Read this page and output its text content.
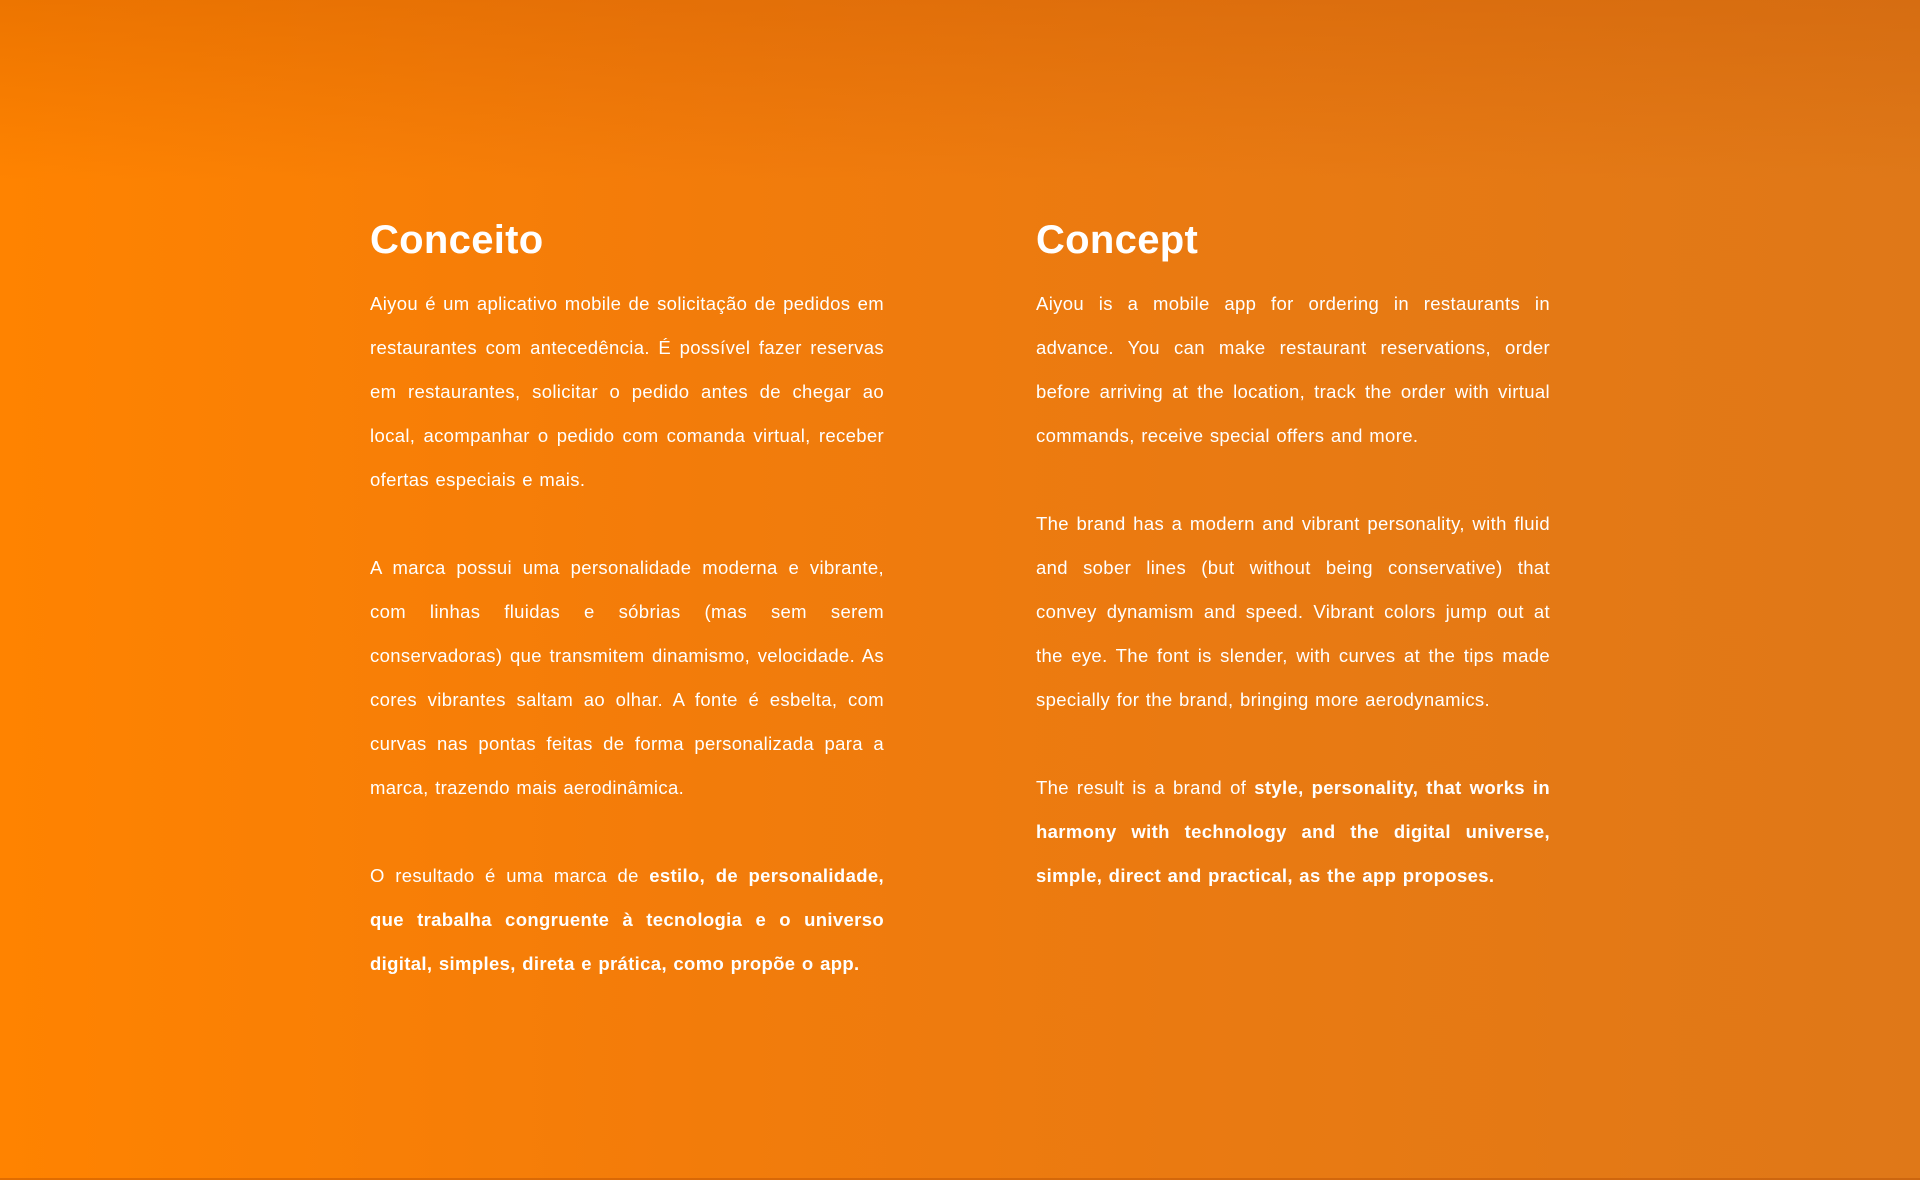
Conceito

Aiyou é um aplicativo mobile de solicitação de pedidos em restaurantes com antecedência. É possível fazer reservas em restaurantes, solicitar o pedido antes de chegar ao local, acompanhar o pedido com comanda virtual, receber ofertas especiais e mais.

A marca possui uma personalidade moderna e vibrante, com linhas fluidas e sóbrias (mas sem serem conservadoras) que transmitem dinamismo, velocidade. As cores vibrantes saltam ao olhar. A fonte é esbelta, com curvas nas pontas feitas de forma personalizada para a marca, trazendo mais aerodinâmica.

O resultado é uma marca de estilo, de personalidade, que trabalha congruente à tecnologia e o universo digital, simples, direta e prática, como propõe o app.

Concept

Aiyou is a mobile app for ordering in restaurants in advance. You can make restaurant reservations, order before arriving at the location, track the order with virtual commands, receive special offers and more.

The brand has a modern and vibrant personality, with fluid and sober lines (but without being conservative) that convey dynamism and speed. Vibrant colors jump out at the eye. The font is slender, with curves at the tips made specially for the brand, bringing more aerodynamics.

The result is a brand of style, personality, that works in harmony with technology and the digital universe, simple, direct and practical, as the app proposes.
